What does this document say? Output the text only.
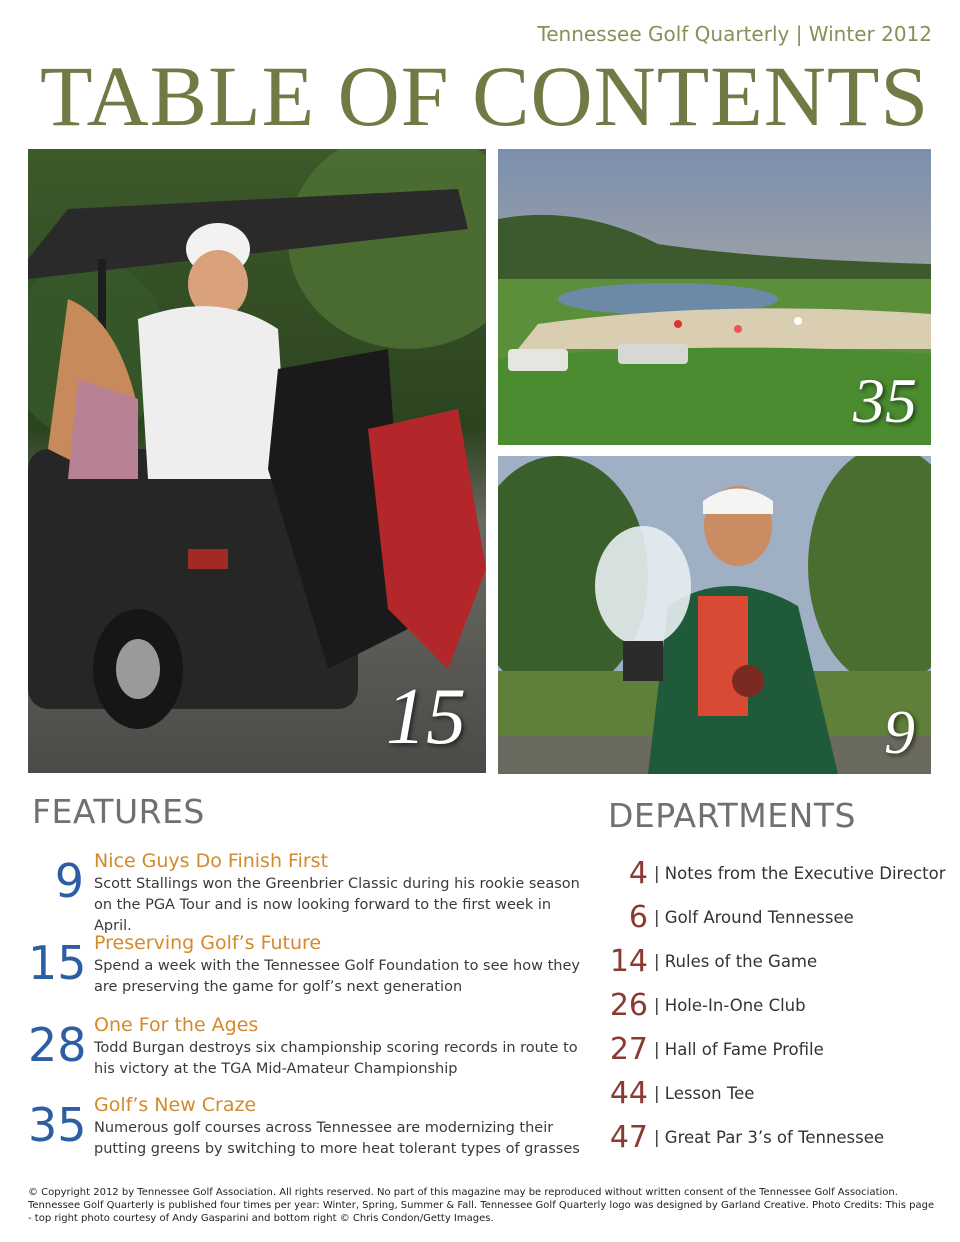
Tennessee Golf Quarterly | Winter 2012
TABLE OF CONTENTS
15
35
9
FEATURES
9 Nice Guys Do Finish First
Scott Stallings won the Greenbrier Classic during his rookie season on the PGA Tour and is now looking forward to the first week in April.
15 Preserving Golf’s Future
Spend a week with the Tennessee Golf Foundation to see how they are preserving the game for golf’s next generation
28 One For the Ages
Todd Burgan destroys six championship scoring records in route to his victory at the TGA Mid-Amateur Championship
35 Golf’s New Craze
Numerous golf courses across Tennessee are modernizing their putting greens by switching to more heat tolerant types of grasses
DEPARTMENTS
4 | Notes from the Executive Director
6 | Golf Around Tennessee
14 | Rules of the Game
26 | Hole-In-One Club
27 | Hall of Fame Profile
44 | Lesson Tee
47 | Great Par 3’s of Tennessee
© Copyright 2012 by Tennessee Golf Association. All rights reserved. No part of this magazine may be reproduced without written consent of the Tennessee Golf Association. Tennessee Golf Quarterly is published four times per year: Winter, Spring, Summer & Fall. Tennessee Golf Quarterly logo was designed by Garland Creative. Photo Credits: This page - top right photo courtesy of Andy Gasparini and bottom right © Chris Condon/Getty Images.
